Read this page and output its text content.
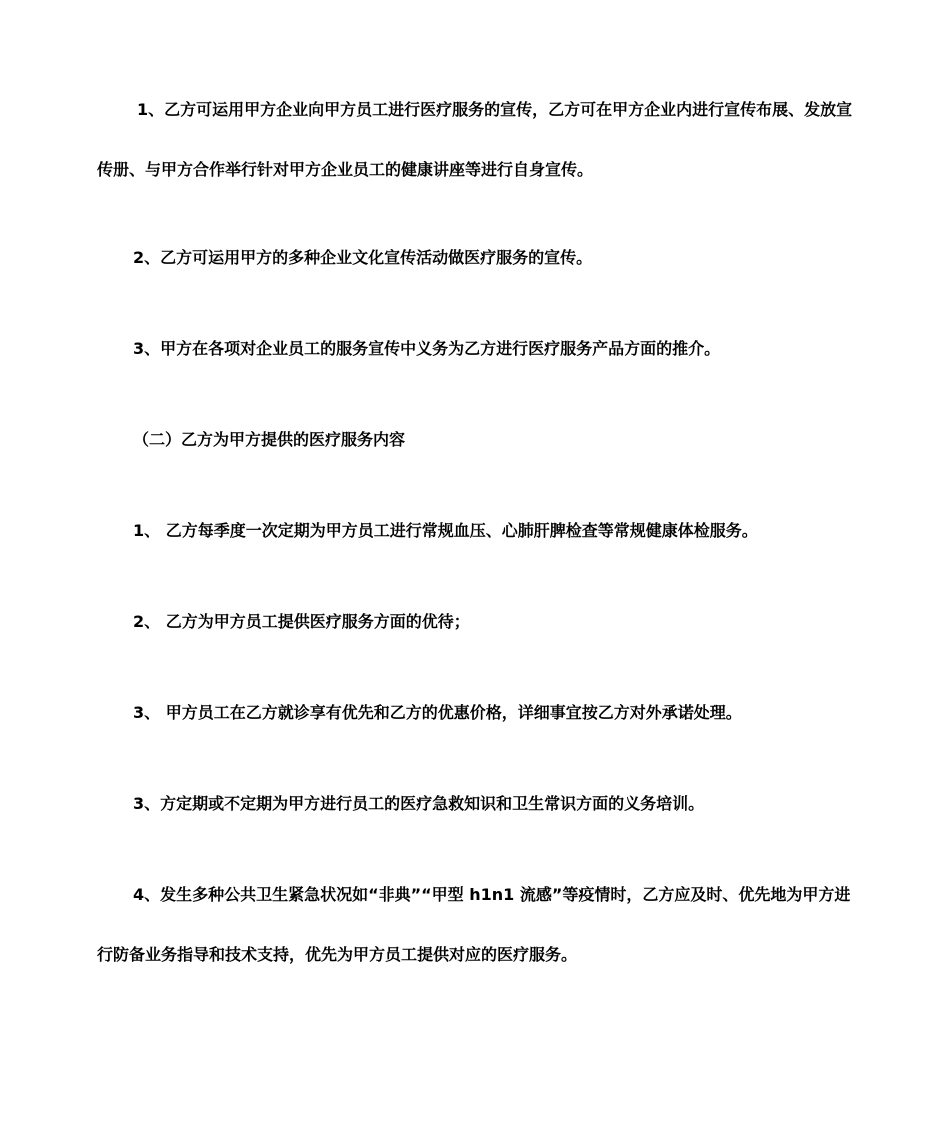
1、乙方可运用甲方企业向甲方员工进行医疗服务的宣传，乙方可在甲方企业内进行宣传布展、发放宣传册、与甲方合作举行针对甲方企业员工的健康讲座等进行自身宣传。

2、乙方可运用甲方的多种企业文化宣传活动做医疗服务的宣传。

3、甲方在各项对企业员工的服务宣传中义务为乙方进行医疗服务产品方面的推介。

（二）乙方为甲方提供的医疗服务内容

1、 乙方每季度一次定期为甲方员工进行常规血压、心肺肝脾检查等常规健康体检服务。

2、 乙方为甲方员工提供医疗服务方面的优待；

3、 甲方员工在乙方就诊享有优先和乙方的优惠价格，详细事宜按乙方对外承诺处理。

3、方定期或不定期为甲方进行员工的医疗急救知识和卫生常识方面的义务培训。

4、发生多种公共卫生紧急状况如“非典”“甲型 h1n1 流感”等疫情时，乙方应及时、优先地为甲方进行防备业务指导和技术支持，优先为甲方员工提供对应的医疗服务。
